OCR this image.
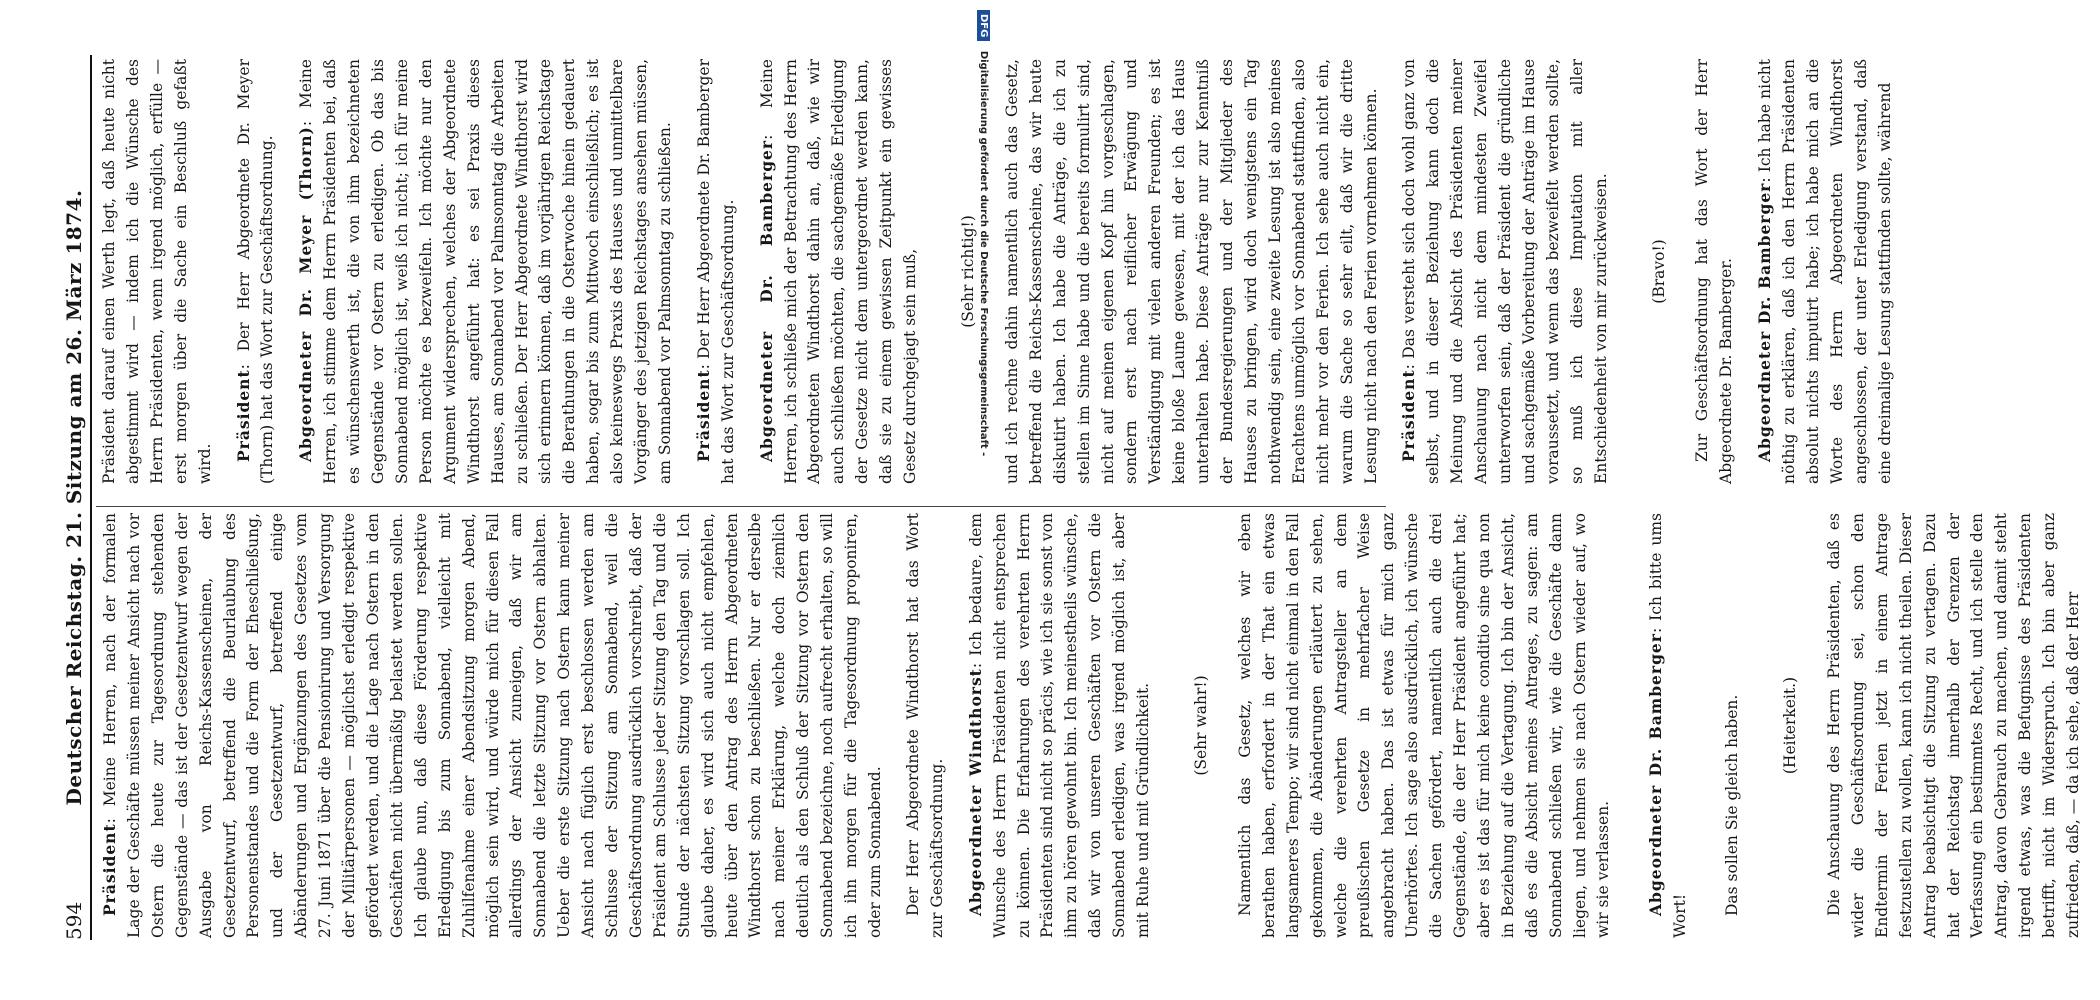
594
Deutscher Reichstag. 21. Sitzung am 26. März 1874.

Präsident: Meine Herren, nach der formalen Lage der Geschäfte müssen meiner Ansicht nach vor Ostern die heute zur Tagesordnung stehenden Gegenstände — das ist der Gesetzentwurf wegen der Ausgabe von Reichs-Kassenscheinen, der Gesetzentwurf, betreffend die Beurlaubung des Personenstandes und die Form der Eheschließung, und der Gesetzentwurf, betreffend einige Abänderungen und Ergänzungen des Gesetzes vom 27. Juni 1871 über die Pensionirung und Versorgung der Militärpersonen — möglichst erledigt respektive gefördert werden, und die Lage nach Ostern in den Geschäften nicht übermäßig belastet werden sollen. Ich glaube nun, daß diese Förderung respektive Erledigung bis zum Sonnabend, vielleicht mit Zuhilfenahme einer Abendsitzung morgen Abend, möglich sein wird, und würde mich für diesen Fall allerdings der Ansicht zuneigen, daß wir am Sonnabend die letzte Sitzung vor Ostern abhalten. Ueber die erste Sitzung nach Ostern kann meiner Ansicht nach füglich erst beschlossen werden am Schlusse der Sitzung am Sonnabend, weil die Geschäftsordnung ausdrücklich vorschreibt, daß der Präsident am Schlusse jeder Sitzung den Tag und die Stunde der nächsten Sitzung vorschlagen soll. Ich glaube daher, es wird sich auch nicht empfehlen, heute über den Antrag des Herrn Abgeordneten Windthorst schon zu beschließen. Nur er derselbe nach meiner Erklärung, welche doch ziemlich deutlich als den Schluß der Sitzung vor Ostern den Sonnabend bezeichne, noch aufrecht erhalten, so will ich ihn morgen für die Tagesordnung proponiren, oder zum Sonnabend. Der Herr Abgeordnete Windthorst hat das Wort zur Geschäftsordnung. Abgeordneter Windthorst: Ich bedaure, dem Wunsche des Herrn Präsidenten nicht entsprechen zu können. Die Erfahrungen des verehrten Herrn Präsidenten sind nicht so präcis, wie ich sie sonst von ihm zu hören gewohnt bin. Ich meinestheils wünsche, daß wir von unseren Geschäften vor Ostern die Sonnabend erledigen, was irgend möglich ist, aber mit Ruhe und mit Gründlichkeit.	(Sehr wahr!) Namentlich das Gesetz, welches wir eben berathen haben, erfordert in der That ein etwas langsameres Tempo; wir sind nicht einmal in den Fall gekommen, die Abänderungen erläutert zu sehen, welche die verehrten Antragsteller an dem preußischen Gesetze in mehrfacher Weise angebracht haben. Das ist etwas für mich ganz Unerhörtes. Ich sage also ausdrücklich, ich wünsche die Sachen gefördert, namentlich auch die drei Gegenstände, die der Herr Präsident angeführt hat; aber es ist das für mich keine conditio sine qua non in Beziehung auf die Vertagung. Ich bin der Ansicht, daß es die Absicht meines Antrages, zu sagen: am Sonnabend schließen wir, wie die Geschäfte dann liegen, und nehmen sie nach Ostern wieder auf, wo wir sie verlassen. Abgeordneter Dr. Bamberger: Ich bitte ums Wort! Das sollen Sie gleich haben.	(Heiterkeit.) Die Anschauung des Herrn Präsidenten, daß es wider die Geschäftsordnung sei, schon den Endtermin der Ferien jetzt in einem Antrage festzustellen zu wollen, kann ich nicht theilen. Dieser Antrag beabsichtigt die Sitzung zu vertagen. Dazu hat der Reichstag innerhalb der Grenzen der Verfassung ein bestimmtes Recht, und ich stelle den Antrag, davon Gebrauch zu machen, und damit steht irgend etwas, was die Befugnisse des Präsidenten betrifft, nicht im Widerspruch. Ich bin aber ganz zufrieden, daß, — da ich sehe, daß der Herr

Präsident darauf einen Werth legt, daß heute nicht abgestimmt wird — indem ich die Wünsche des Herrn Präsidenten, wenn irgend möglich, erfülle — erst morgen über die Sache ein Beschluß gefaßt wird.

Präsident: Der Herr Abgeordnete Dr. Meyer (Thorn) hat das Wort zur Geschäftsordnung. Abgeordneter Dr. Meyer (Thorn): Meine Herren, ich stimme dem Herrn Präsidenten bei, daß es wünschenswerth ist, die von ihm bezeichneten Gegenstände vor Ostern zu erledigen. Ob das bis Sonnabend möglich ist, weiß ich nicht; ich für meine Person möchte es bezweifeln. Ich möchte nur den Argument widersprechen, welches der Abgeordnete Windthorst angeführt hat: es sei Praxis dieses Hauses, am Sonnabend vor Palmsonntag die Arbeiten zu schließen. Der Herr Abgeordnete Windthorst wird sich erinnern können, daß im vorjährigen Reichstage die Berathungen in die Osterwoche hinein gedauert haben, sogar bis zum Mittwoch einschließlich; es ist also keineswegs Praxis des Hauses und unmittelbare Vorgänger des jetzigen Reichstages ansehen müssen, am Sonnabend vor Palmsonntag zu schließen. Präsident: Der Herr Abgeordnete Dr. Bamberger hat das Wort zur Geschäftsordnung. Abgeordneter Dr. Bamberger: Meine Herren, ich schließe mich der Betrachtung des Herrn Abgeordneten Windthorst dahin an, daß, wie wir auch schließen möchten, die sachgemäße Erledigung der Gesetze nicht dem untergeordnet werden kann, daß sie zu einem gewissen Zeitpunkt ein gewisses Gesetz durchgejagt sein muß,	(Sehr richtig!) und ich rechne dahin namentlich auch das Gesetz, betreffend die Reichs-Kassenscheine, das wir heute diskutirt haben. Ich habe die Anträge, die ich zu stellen im Sinne habe und die bereits formulirt sind, nicht auf meinen eigenen Kopf hin vorgeschlagen, sondern erst nach reiflicher Erwägung und Verständigung mit vielen anderen Freunden; es ist keine bloße Laune gewesen, mit der ich das Haus unterhalten habe. Diese Anträge nur zur Kenntniß der Bundesregierungen und der Mitglieder des Hauses zu bringen, wird doch wenigstens ein Tag nothwendig sein, eine zweite Lesung ist also meines Erachtens unmöglich vor Sonnabend stattfinden, also nicht mehr vor den Ferien. Ich sehe auch nicht ein, warum die Sache so sehr eilt, daß wir die dritte Lesung nicht nach den Ferien vornehmen können. Präsident: Das versteht sich doch wohl ganz von selbst, und in dieser Beziehung kann doch die Meinung und die Absicht des Präsidenten meiner Anschauung nach nicht dem mindesten Zweifel unterworfen sein, daß der Präsident die gründliche und sachgemäße Vorbereitung der Anträge im Hause voraussetzt, und wenn das bezweifelt werden sollte, so muß ich diese Imputation mit aller Entschiedenheit von mir zurückweisen.	(Bravo!) Zur Geschäftsordnung hat das Wort der Herr Abgeordnete Dr. Bamberger. Abgeordneter Dr. Bamberger: Ich habe nicht nöthig zu erklären, daß ich den Herrn Präsidenten absolut nichts imputirt habe; ich habe mich an die Worte des Herrn Abgeordneten Windthorst angeschlossen, der unter Erledigung verstand, daß eine dreimalige Lesung stattfinden sollte, während

DFG Digitalisierung gefördert durch die Deutsche Forschungsgemeinschaft -
